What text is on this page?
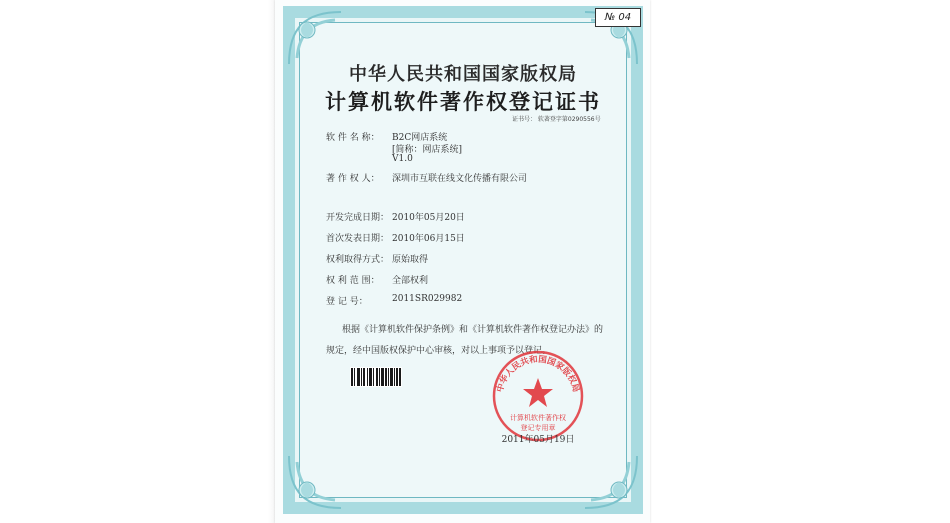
№ 04
中华人民共和国国家版权局
计算机软件著作权登记证书
证书号： 软著登字第0290556号
软 件 名 称： B2C网店系统
[简称：网店系统]
V1.0
著 作 权 人： 深圳市互联在线文化传播有限公司
开发完成日期： 2010年05月20日
首次发表日期： 2010年06月15日
权利取得方式： 原始取得
权 利 范 围： 全部权利
登 记 号：	2011SR029982
根据《计算机软件保护条例》和《计算机软件著作权登记办法》的
规定，经中国版权保护中心审核，对以上事项予以登记。
中华人民共和国国家版权局
计算机软件著作权
登记专用章
2011年05月19日
